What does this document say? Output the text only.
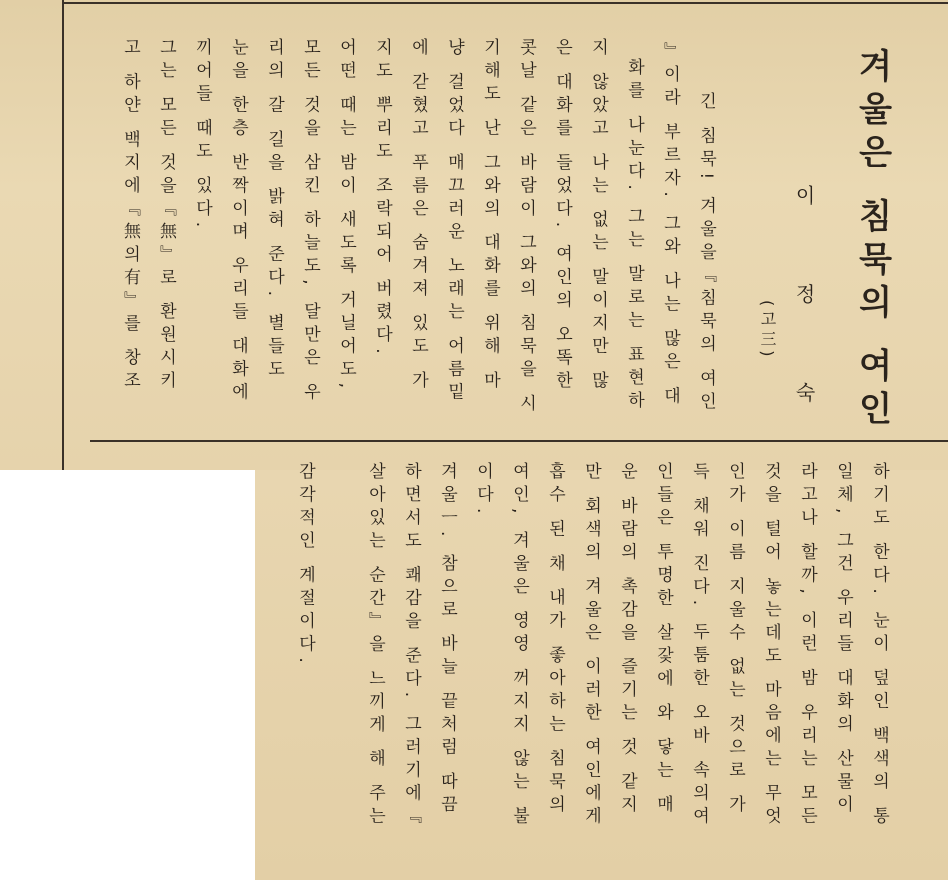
겨울은 침묵의 여인
이 정 숙
(고三)
긴 침묵! 겨울을『침묵의 여인
』이라 부르자. 그와 나는 많은 대
화를 나눈다. 그는 말로는 표현하
지 않았고 나는 없는 말이지만 많
은 대화를 들었다. 여인의 오똑한
콧날 같은 바람이 그와의 침묵을 시
기해도 난 그와의 대화를 위해 마
냥 걸었다 매끄러운 노래는 어름밑
에 갇혔고 푸름은 숨겨져 있도 가
지도 뿌리도 조락되어 버렸다.
어떤 때는 밤이 새도록 거닐어도,
모든 것을 삼킨 하늘도, 달만은 우
리의 갈 길을 밝혀 준다. 별들도
눈을 한층 반짝이며 우리들 대화에
끼어들 때도 있다.
그는 모든 것을『無』로 환원시키
고 하얀 백지에『無의有』를 창조
하기도 한다. 눈이 덮인 백색의 통
일체, 그건 우리들 대화의 산물이
라고나 할까, 이런 밤 우리는 모든
것을 털어 놓는데도 마음에는 무엇
인가 이름 지울수 없는 것으로 가
득 채워 진다. 두툼한 오바 속의여
인들은 투명한 살갗에 와 닿는 매
운 바람의 촉감을 즐기는 것 같지
만 회색의 겨울은 이러한 여인에게
흡수 된 채 내가 좋아하는 침묵의
여인, 겨울은 영영 꺼지지 않는 불
이다.
겨울ㅡ. 참으로 바늘 끝처럼 따끔
하면서도 쾌감을 준다. 그러기에『
살아있는 순간』을 느끼게 해 주는
감각적인 계절이다.
